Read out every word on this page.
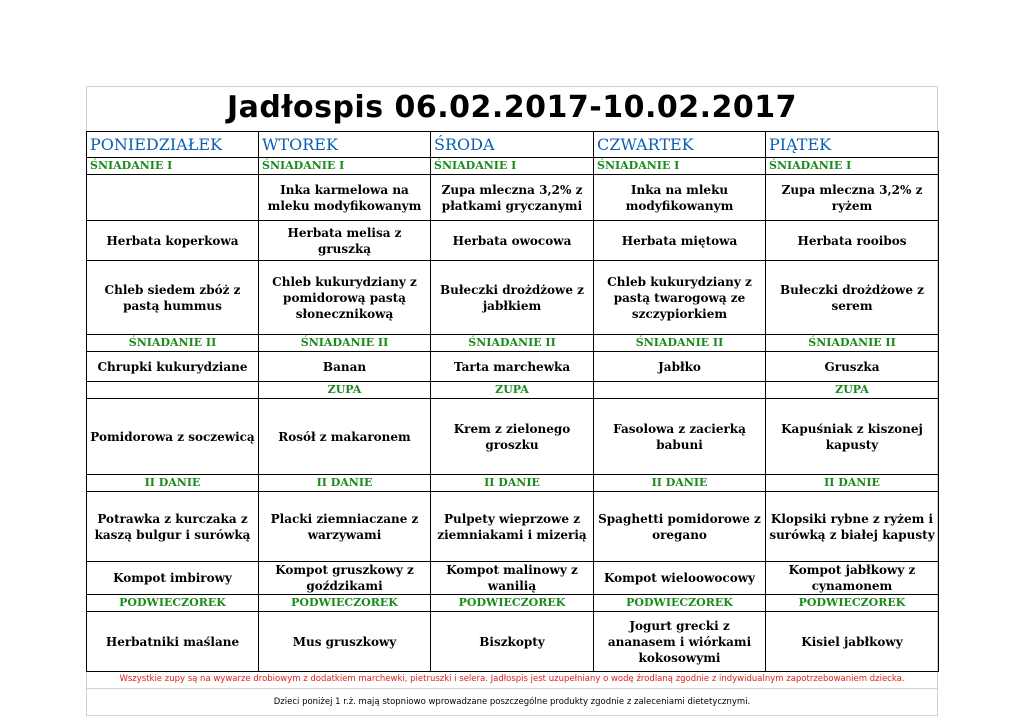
Jadłospis 06.02.2017-10.02.2017
PONIEDZIAŁEK	WTOREK	ŚRODA	CZWARTEK	PIĄTEK
ŚNIADANIE I	ŚNIADANIE I	ŚNIADANIE I	ŚNIADANIE I	ŚNIADANIE I
	Inka karmelowa na mleku modyfikowanym	Zupa mleczna 3,2% z płatkami gryczanymi	Inka na mleku modyfikowanym	Zupa mleczna 3,2% z ryżem
Herbata koperkowa	Herbata melisa z gruszką	Herbata owocowa	Herbata miętowa	Herbata rooibos
Chleb siedem zbóż z pastą hummus	Chleb kukurydziany z pomidorową pastą słonecznikową	Bułeczki drożdżowe z jabłkiem	Chleb kukurydziany z pastą twarogową ze szczypiorkiem	Bułeczki drożdżowe z serem
ŚNIADANIE II	ŚNIADANIE II	ŚNIADANIE II	ŚNIADANIE II	ŚNIADANIE II
Chrupki kukurydziane	Banan	Tarta marchewka	Jabłko	Gruszka
	ZUPA	ZUPA		ZUPA
Pomidorowa z soczewicą	Rosół z makaronem	Krem z zielonego groszku	Fasolowa z zacierką babuni	Kapuśniak z kiszonej kapusty
II DANIE	II DANIE	II DANIE	II DANIE	II DANIE
Potrawka z kurczaka z kaszą bulgur i surówką	Placki ziemniaczane z warzywami	Pulpety wieprzowe z ziemniakami i mizerią	Spaghetti pomidorowe z oregano	Klopsiki rybne z ryżem i surówką z białej kapusty
Kompot imbirowy	Kompot gruszkowy z goździkami	Kompot malinowy z wanilią	Kompot wieloowocowy	Kompot jabłkowy z cynamonem
PODWIECZOREK	PODWIECZOREK	PODWIECZOREK	PODWIECZOREK	PODWIECZOREK
Herbatniki maślane	Mus gruszkowy	Biszkopty	Jogurt grecki z ananasem i wiórkami kokosowymi	Kisiel jabłkowy
Wszystkie zupy są na wywarze drobiowym z dodatkiem marchewki, pietruszki i selera. Jadłospis jest uzupełniany o wodę źrodlaną zgodnie z indywidualnym zapotrzebowaniem dziecka.
Dzieci poniżej 1 r.ż. mają stopniowo wprowadzane poszczególne produkty zgodnie z zaleceniami dietetycznymi.
